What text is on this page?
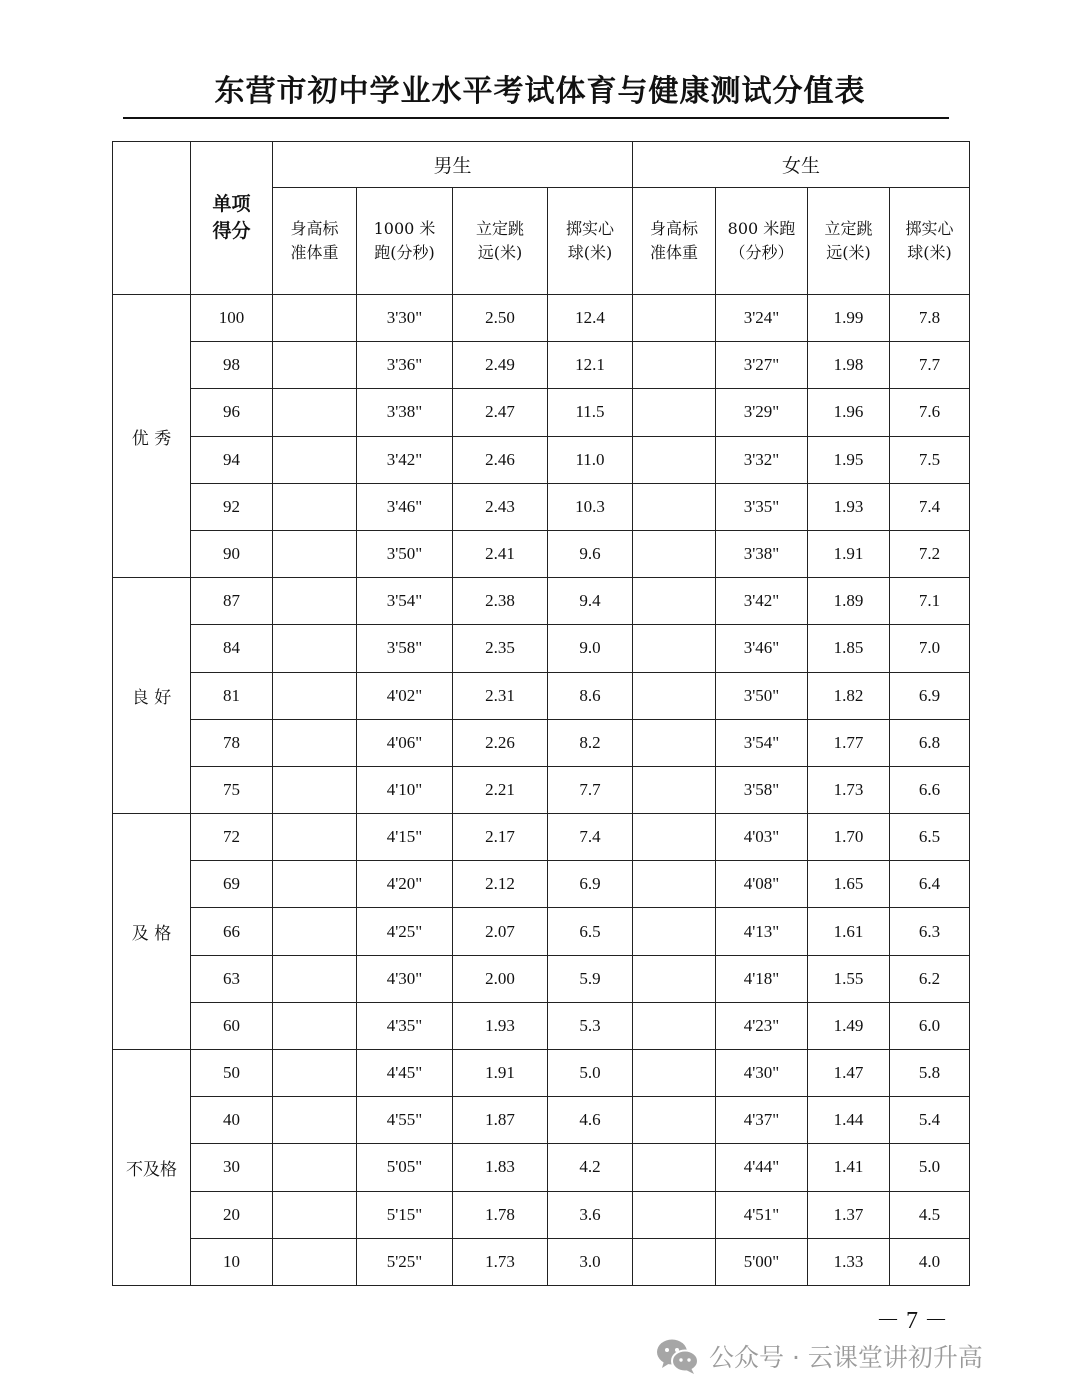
东营市初中学业水平考试体育与健康测试分值表

	单项得分	男生				女生			

		身高标准体重	1000 米跑(分秒)	立定跳远(米)	掷实心球(米)	身高标准体重	800 米跑（分秒）	立定跳远(米)	掷实心球(米)

优 秀	100		3'30"	2.50	12.4		3'24"	1.99	7.8
	98		3'36"	2.49	12.1		3'27"	1.98	7.7
	96		3'38"	2.47	11.5		3'29"	1.96	7.6
	94		3'42"	2.46	11.0		3'32"	1.95	7.5
	92		3'46"	2.43	10.3		3'35"	1.93	7.4
	90		3'50"	2.41	9.6		3'38"	1.91	7.2
良 好	87		3'54"	2.38	9.4		3'42"	1.89	7.1
	84		3'58"	2.35	9.0		3'46"	1.85	7.0
	81		4'02"	2.31	8.6		3'50"	1.82	6.9
	78		4'06"	2.26	8.2		3'54"	1.77	6.8
	75		4'10"	2.21	7.7		3'58"	1.73	6.6
及 格	72		4'15"	2.17	7.4		4'03"	1.70	6.5
	69		4'20"	2.12	6.9		4'08"	1.65	6.4
	66		4'25"	2.07	6.5		4'13"	1.61	6.3
	63		4'30"	2.00	5.9		4'18"	1.55	6.2
	60		4'35"	1.93	5.3		4'23"	1.49	6.0
不及格	50		4'45"	1.91	5.0		4'30"	1.47	5.8
	40		4'55"	1.87	4.6		4'37"	1.44	5.4
	30		5'05"	1.83	4.2		4'44"	1.41	5.0
	20		5'15"	1.78	3.6		4'51"	1.37	4.5
	10		5'25"	1.73	3.0		5'00"	1.33	4.0
－ 7 －
公众号 · 云课堂讲初升高
